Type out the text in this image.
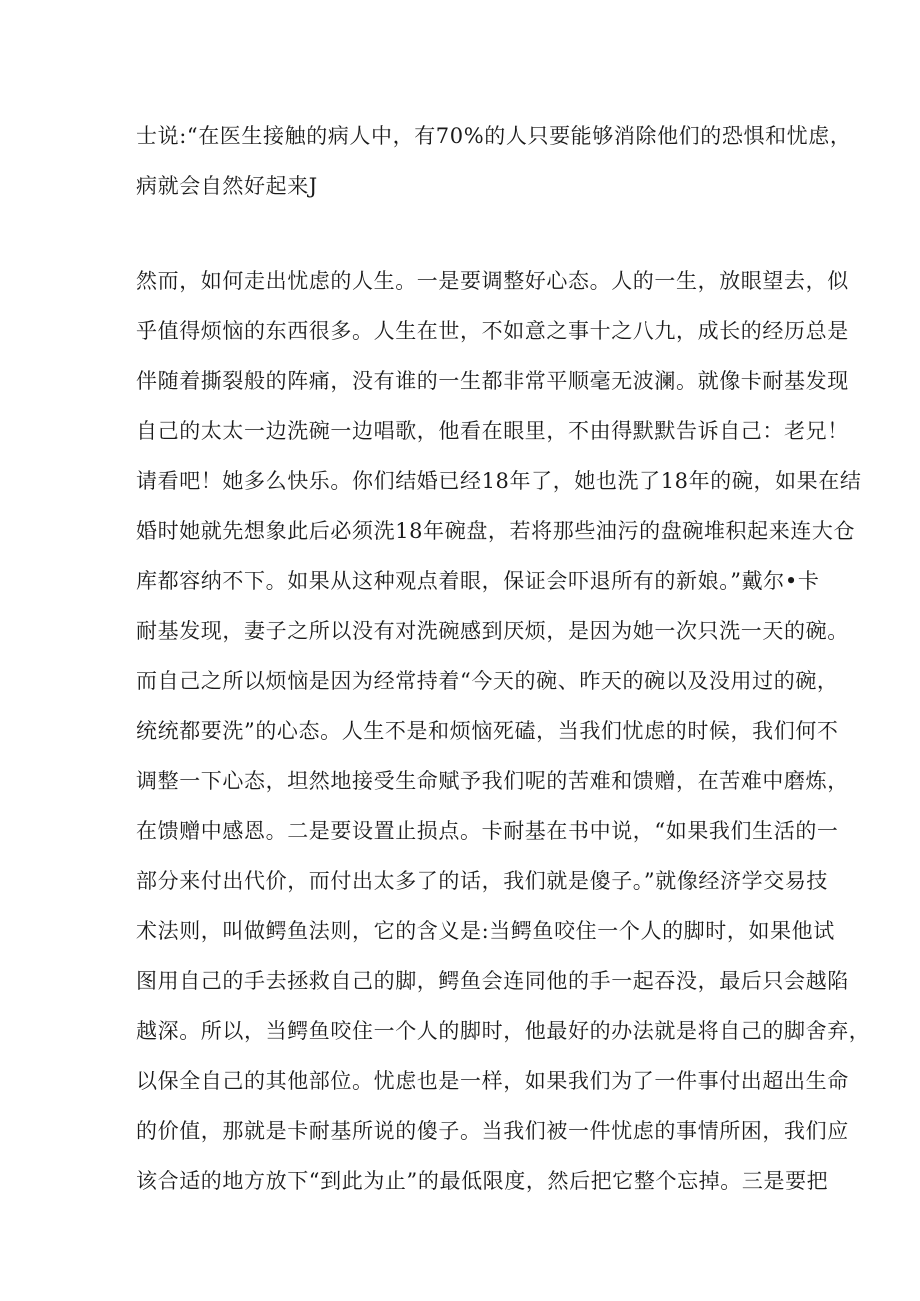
士说:“在医生接触的病人中，有70%的人只要能够消除他们的恐惧和忧虑，

病就会自然好起来J

然而，如何走出忧虑的人生。一是要调整好心态。人的一生，放眼望去，似

乎值得烦恼的东西很多。人生在世，不如意之事十之八九，成长的经历总是

伴随着撕裂般的阵痛，没有谁的一生都非常平顺毫无波澜。就像卡耐基发现

自己的太太一边洗碗一边唱歌，他看在眼里，不由得默默告诉自己：老兄！

请看吧！她多么快乐。你们结婚已经18年了，她也洗了18年的碗，如果在结

婚时她就先想象此后必须洗18年碗盘，若将那些油污的盘碗堆积起来连大仓

库都容纳不下。如果从这种观点着眼，保证会吓退所有的新娘。”戴尔•卡

耐基发现，妻子之所以没有对洗碗感到厌烦，是因为她一次只洗一天的碗。

而自己之所以烦恼是因为经常持着“今天的碗、昨天的碗以及没用过的碗，

统统都要洗”的心态。人生不是和烦恼死磕，当我们忧虑的时候，我们何不

调整一下心态，坦然地接受生命赋予我们呢的苦难和馈赠，在苦难中磨炼，

在馈赠中感恩。二是要设置止损点。卡耐基在书中说，“如果我们生活的一

部分来付出代价，而付出太多了的话，我们就是傻子。”就像经济学交易技

术法则，叫做鳄鱼法则，它的含义是:当鳄鱼咬住一个人的脚时，如果他试

图用自己的手去拯救自己的脚，鳄鱼会连同他的手一起吞没，最后只会越陷

越深。所以，当鳄鱼咬住一个人的脚时，他最好的办法就是将自己的脚舍弃，

以保全自己的其他部位。忧虑也是一样，如果我们为了一件事付出超出生命

的价值，那就是卡耐基所说的傻子。当我们被一件忧虑的事情所困，我们应

该合适的地方放下“到此为止”的最低限度，然后把它整个忘掉。三是要把
